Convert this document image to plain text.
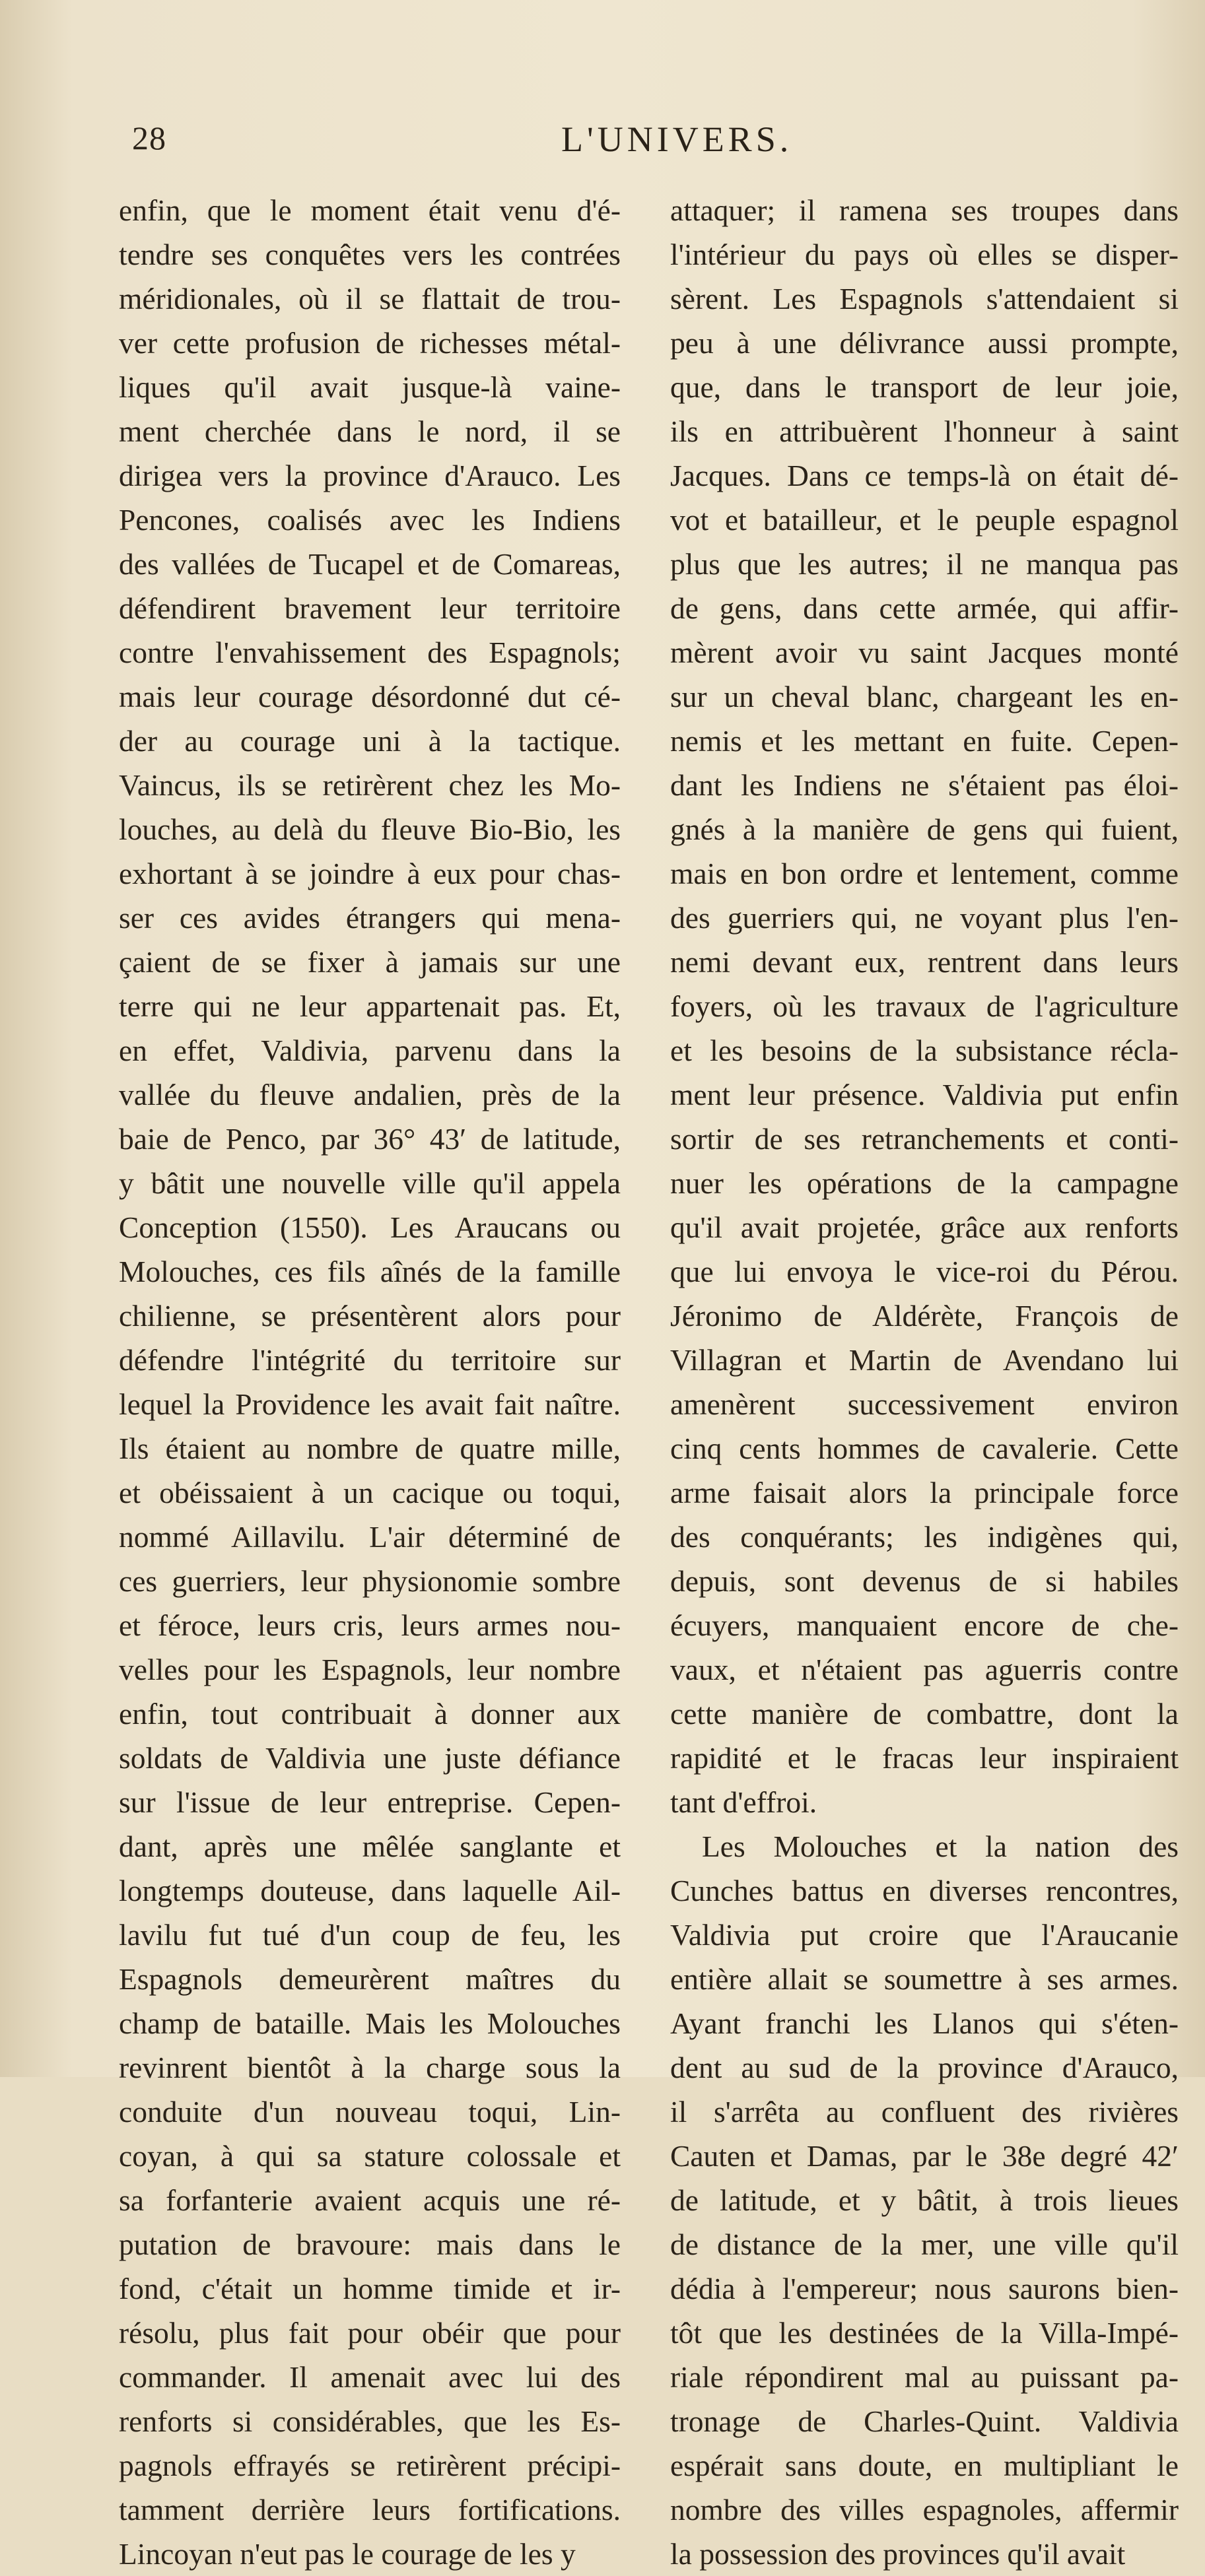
28	L'UNIVERS.
enfin, que le moment était venu d'é-
tendre ses conquêtes vers les contrées
méridionales, où il se flattait de trou-
ver cette profusion de richesses métal-
liques qu'il avait jusque-là vaine-
ment cherchée dans le nord, il se
dirigea vers la province d'Arauco. Les
Pencones, coalisés avec les Indiens
des vallées de Tucapel et de Comareas,
défendirent bravement leur territoire
contre l'envahissement des Espagnols;
mais leur courage désordonné dut cé-
der au courage uni à la tactique.
Vaincus, ils se retirèrent chez les Mo-
louches, au delà du fleuve Bio-Bio, les
exhortant à se joindre à eux pour chas-
ser ces avides étrangers qui mena-
çaient de se fixer à jamais sur une
terre qui ne leur appartenait pas. Et,
en effet, Valdivia, parvenu dans la
vallée du fleuve andalien, près de la
baie de Penco, par 36° 43′ de latitude,
y bâtit une nouvelle ville qu'il appela
Conception (1550). Les Araucans ou
Molouches, ces fils aînés de la famille
chilienne, se présentèrent alors pour
défendre l'intégrité du territoire sur
lequel la Providence les avait fait naître.
Ils étaient au nombre de quatre mille,
et obéissaient à un cacique ou toqui,
nommé Aillavilu. L'air déterminé de
ces guerriers, leur physionomie sombre
et féroce, leurs cris, leurs armes nou-
velles pour les Espagnols, leur nombre
enfin, tout contribuait à donner aux
soldats de Valdivia une juste défiance
sur l'issue de leur entreprise. Cepen-
dant, après une mêlée sanglante et
longtemps douteuse, dans laquelle Ail-
lavilu fut tué d'un coup de feu, les
Espagnols demeurèrent maîtres du
champ de bataille. Mais les Molouches
revinrent bientôt à la charge sous la
conduite d'un nouveau toqui, Lin-
coyan, à qui sa stature colossale et
sa forfanterie avaient acquis une ré-
putation de bravoure: mais dans le
fond, c'était un homme timide et ir-
résolu, plus fait pour obéir que pour
commander. Il amenait avec lui des
renforts si considérables, que les Es-
pagnols effrayés se retirèrent précipi-
tamment derrière leurs fortifications.
Lincoyan n'eut pas le courage de les y
attaquer; il ramena ses troupes dans
l'intérieur du pays où elles se disper-
sèrent. Les Espagnols s'attendaient si
peu à une délivrance aussi prompte,
que, dans le transport de leur joie,
ils en attribuèrent l'honneur à saint
Jacques. Dans ce temps-là on était dé-
vot et batailleur, et le peuple espagnol
plus que les autres; il ne manqua pas
de gens, dans cette armée, qui affir-
mèrent avoir vu saint Jacques monté
sur un cheval blanc, chargeant les en-
nemis et les mettant en fuite. Cepen-
dant les Indiens ne s'étaient pas éloi-
gnés à la manière de gens qui fuient,
mais en bon ordre et lentement, comme
des guerriers qui, ne voyant plus l'en-
nemi devant eux, rentrent dans leurs
foyers, où les travaux de l'agriculture
et les besoins de la subsistance récla-
ment leur présence. Valdivia put enfin
sortir de ses retranchements et conti-
nuer les opérations de la campagne
qu'il avait projetée, grâce aux renforts
que lui envoya le vice-roi du Pérou.
Jéronimo de Aldérète, François de
Villagran et Martin de Avendano lui
amenèrent successivement environ
cinq cents hommes de cavalerie. Cette
arme faisait alors la principale force
des conquérants; les indigènes qui,
depuis, sont devenus de si habiles
écuyers, manquaient encore de che-
vaux, et n'étaient pas aguerris contre
cette manière de combattre, dont la
rapidité et le fracas leur inspiraient
tant d'effroi.
Les Molouches et la nation des
Cunches battus en diverses rencontres,
Valdivia put croire que l'Araucanie
entière allait se soumettre à ses armes.
Ayant franchi les Llanos qui s'éten-
dent au sud de la province d'Arauco,
il s'arrêta au confluent des rivières
Cauten et Damas, par le 38e degré 42′
de latitude, et y bâtit, à trois lieues
de distance de la mer, une ville qu'il
dédia à l'empereur; nous saurons bien-
tôt que les destinées de la Villa-Impé-
riale répondirent mal au puissant pa-
tronage de Charles-Quint. Valdivia
espérait sans doute, en multipliant le
nombre des villes espagnoles, affermir
la possession des provinces qu'il avait
